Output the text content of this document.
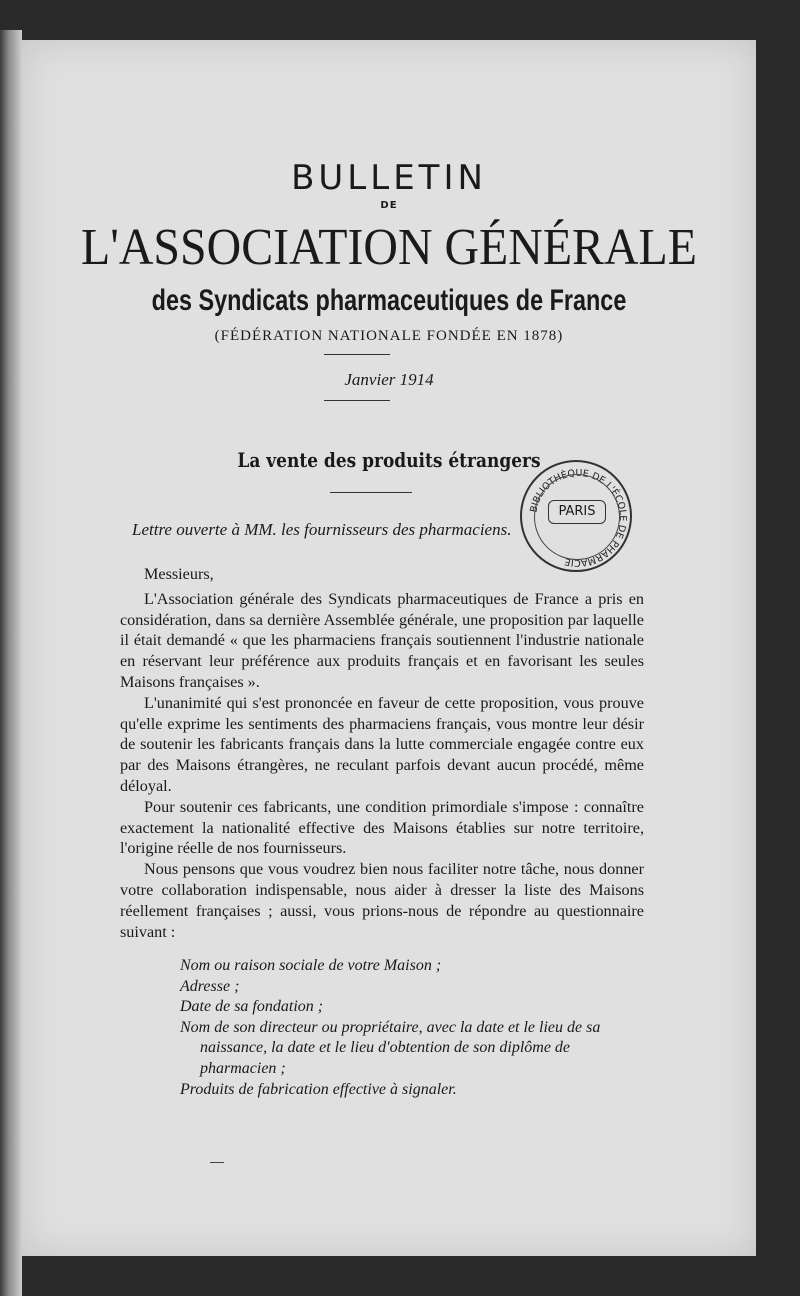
BULLETIN
DE
L'ASSOCIATION GÉNÉRALE
des Syndicats pharmaceutiques de France
(FÉDÉRATION NATIONALE FONDÉE EN 1878)
Janvier 1914
La vente des produits étrangers
Lettre ouverte à MM. les fournisseurs des pharmaciens.
BIBLIOTHÈQUE DE L'ÉCOLE DE PHARMACIE
PARIS

Messieurs,

L'Association générale des Syndicats pharmaceutiques de France a pris en considération, dans sa dernière Assemblée générale, une proposition par laquelle il était demandé « que les pharmaciens français soutiennent l'industrie nationale en réservant leur préférence aux produits français et en favorisant les seules Maisons françaises ».

L'unanimité qui s'est prononcée en faveur de cette proposition, vous prouve qu'elle exprime les sentiments des pharmaciens français, vous montre leur désir de soutenir les fabricants français dans la lutte commerciale engagée contre eux par des Maisons étrangères, ne reculant parfois devant aucun procédé, même déloyal.

Pour soutenir ces fabricants, une condition primordiale s'impose : connaître exactement la nationalité effective des Maisons établies sur notre territoire, l'origine réelle de nos fournisseurs.

Nous pensons que vous voudrez bien nous faciliter notre tâche, nous donner votre collaboration indispensable, nous aider à dresser la liste des Maisons réellement françaises ; aussi, vous prions-nous de répondre au questionnaire suivant :

Nom ou raison sociale de votre Maison ;
Adresse ;
Date de sa fondation ;
Nom de son directeur ou propriétaire, avec la date et le lieu de sa naissance, la date et le lieu d'obtention de son diplôme de pharmacien ;
Produits de fabrication effective à signaler.
